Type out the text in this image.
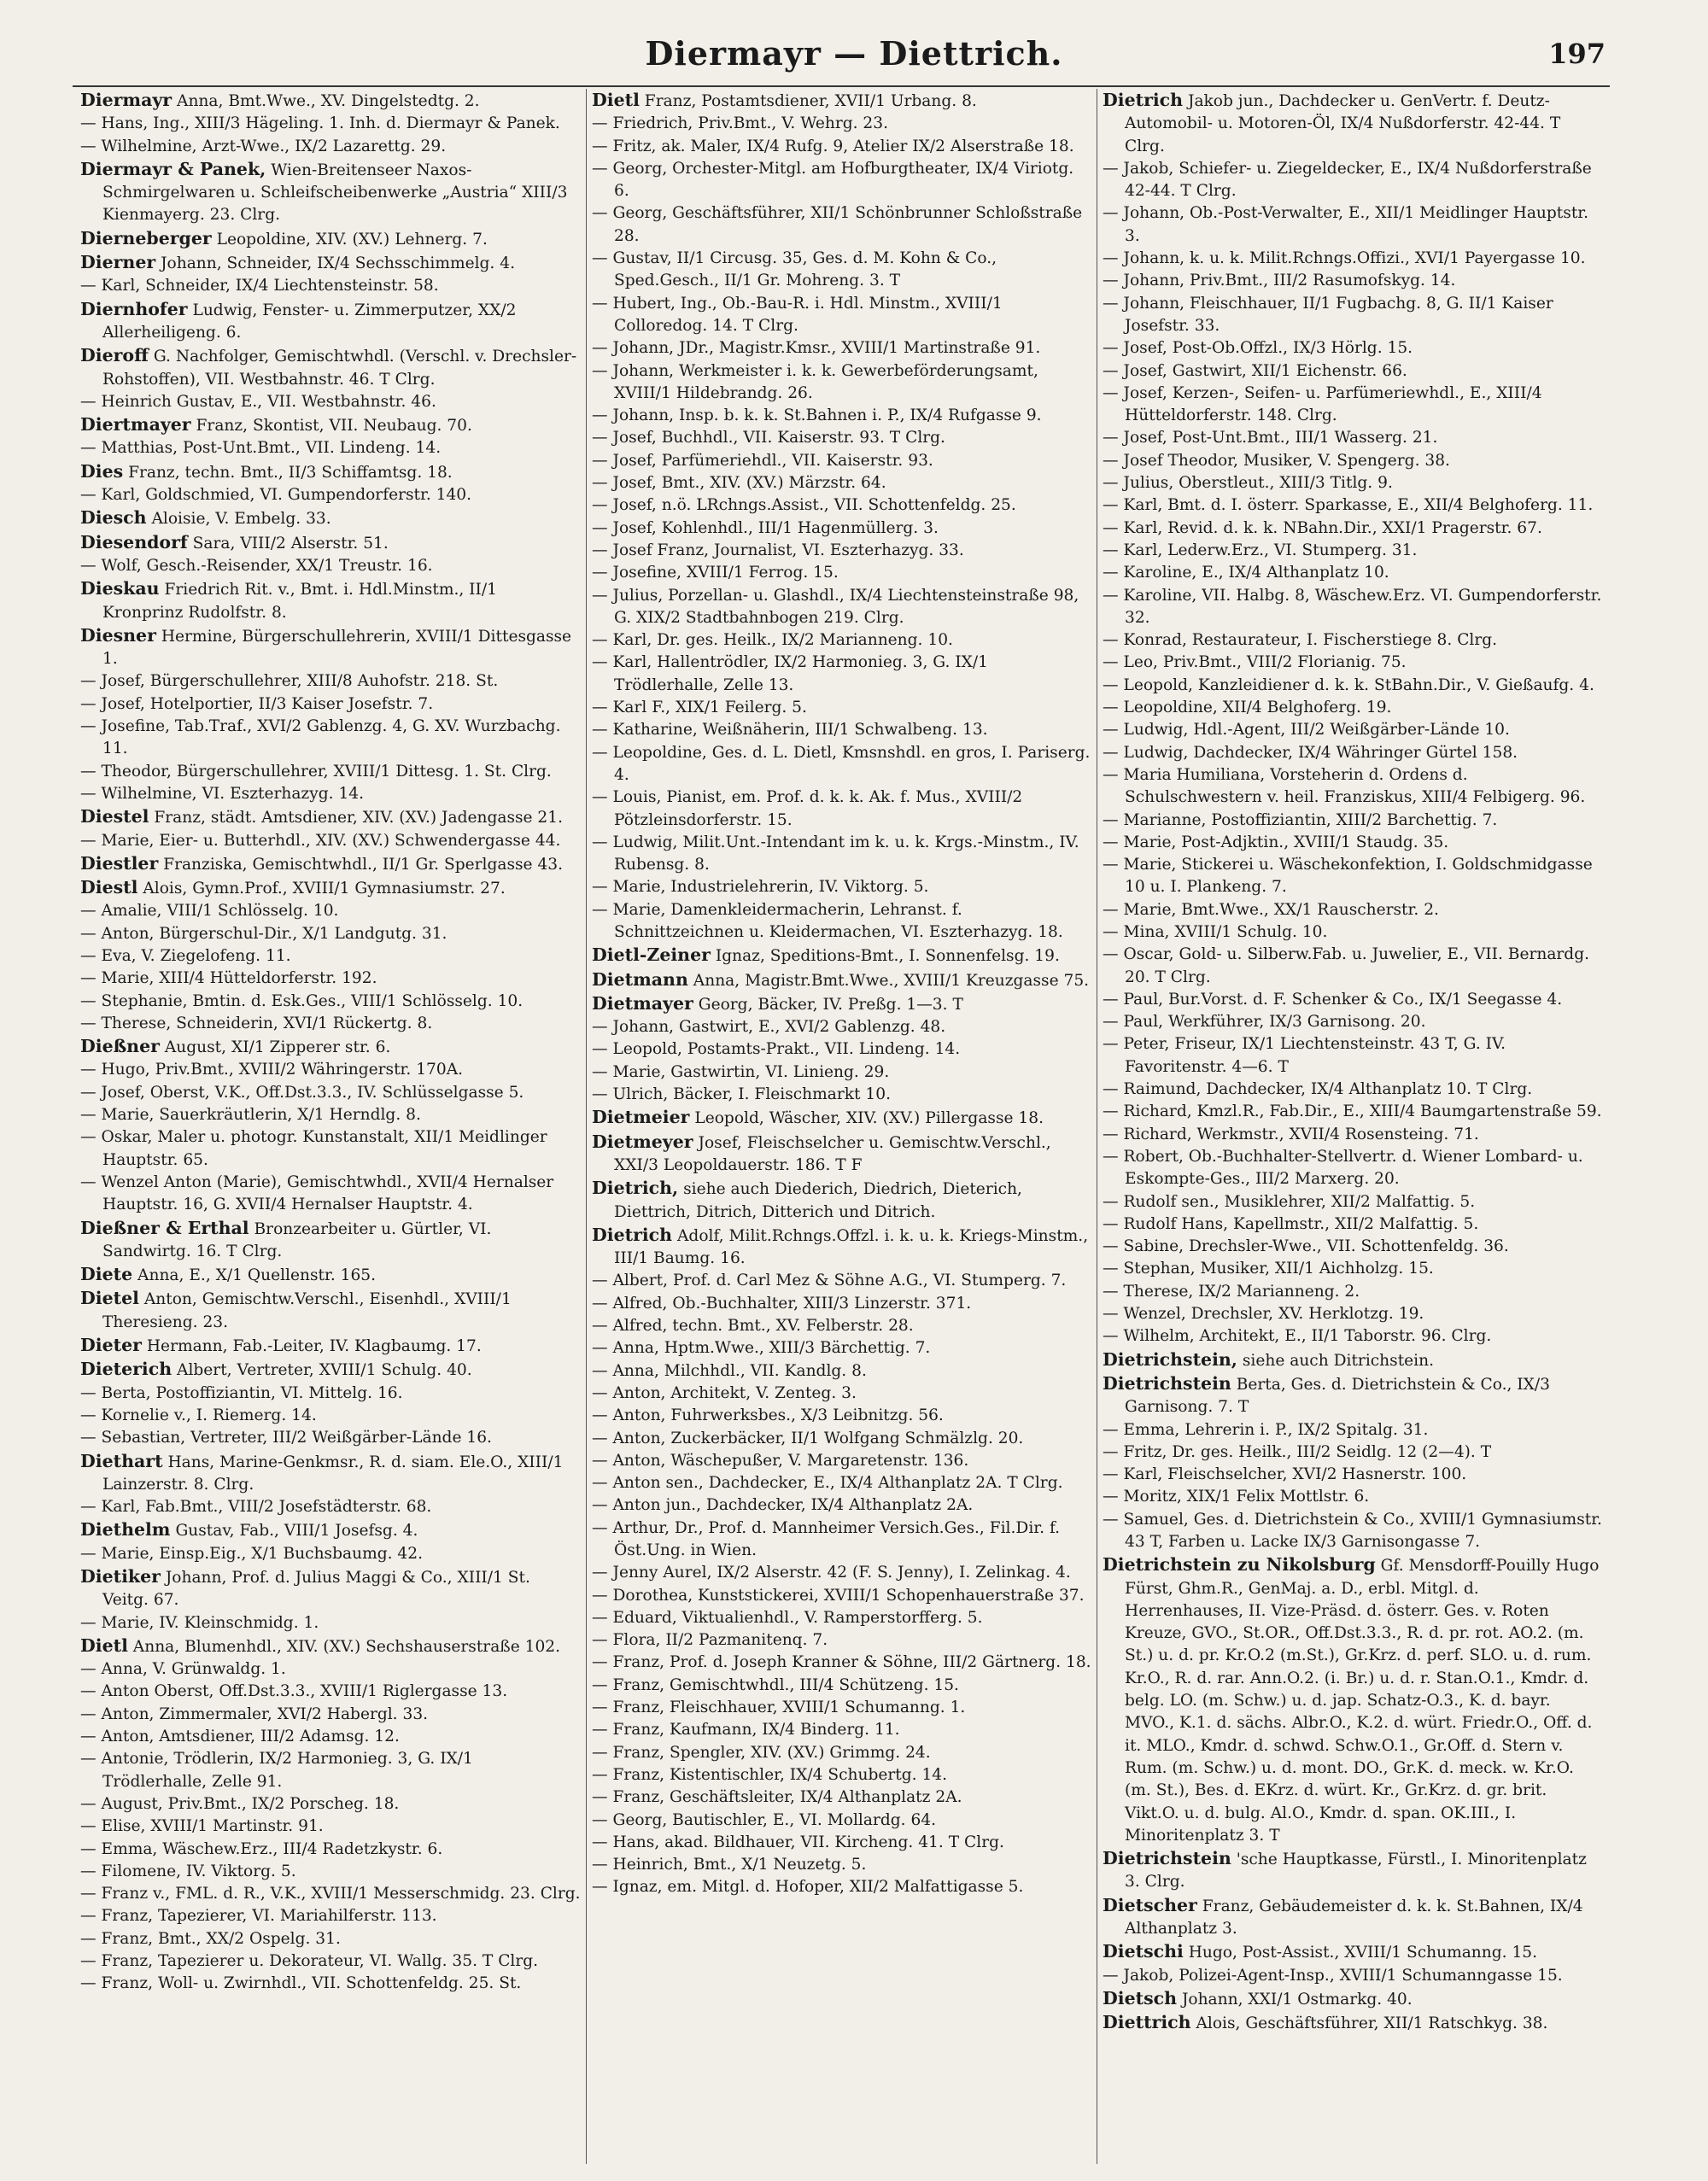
Diermayr — Diettrich.	197
Diermayr Anna, Bmt.Wwe., XV. Dingelstedtg. 2.
— Hans, Ing., XIII/3 Hägeling. 1. Inh. d. Diermayr & Panek.
— Wilhelmine, Arzt-Wwe., IX/2 Lazarettg. 29.
Diermayr & Panek, Wien-Breitenseer Naxos-Schmirgelwaren u. Schleifscheibenwerke „Austria“ XIII/3 Kienmayerg. 23. Clrg.
Dierneberger Leopoldine, XIV. (XV.) Lehnerg. 7.
Dierner Johann, Schneider, IX/4 Sechsschimmelg. 4.
— Karl, Schneider, IX/4 Liechtensteinstr. 58.
Diernhofer Ludwig, Fenster- u. Zimmerputzer, XX/2 Allerheiligeng. 6.
Dieroff G. Nachfolger, Gemischtwhdl. (Verschl. v. Drechsler-Rohstoffen), VII. Westbahnstr. 46. T Clrg.
— Heinrich Gustav, E., VII. Westbahnstr. 46.
Diertmayer Franz, Skontist, VII. Neubaug. 70.
— Matthias, Post-Unt.Bmt., VII. Lindeng. 14.
Dies Franz, techn. Bmt., II/3 Schiffamtsg. 18.
— Karl, Goldschmied, VI. Gumpendorferstr. 140.
Diesch Aloisie, V. Embelg. 33.
Diesendorf Sara, VIII/2 Alserstr. 51.
— Wolf, Gesch.-Reisender, XX/1 Treustr. 16.
Dieskau Friedrich Rit. v., Bmt. i. Hdl.Minstm., II/1 Kronprinz Rudolfstr. 8.
Diesner Hermine, Bürgerschullehrerin, XVIII/1 Dittesgasse 1.
— Josef, Bürgerschullehrer, XIII/8 Auhofstr. 218. St.
— Josef, Hotelportier, II/3 Kaiser Josefstr. 7.
— Josefine, Tab.Traf., XVI/2 Gablenzg. 4, G. XV. Wurzbachg. 11.
— Theodor, Bürgerschullehrer, XVIII/1 Dittesg. 1. St. Clrg.
— Wilhelmine, VI. Eszterhazyg. 14.
Diestel Franz, städt. Amtsdiener, XIV. (XV.) Jadengasse 21.
— Marie, Eier- u. Butterhdl., XIV. (XV.) Schwendergasse 44.
Diestler Franziska, Gemischtwhdl., II/1 Gr. Sperlgasse 43.
Diestl Alois, Gymn.Prof., XVIII/1 Gymnasiumstr. 27.
— Amalie, VIII/1 Schlösselg. 10.
— Anton, Bürgerschul-Dir., X/1 Landgutg. 31.
— Eva, V. Ziegelofeng. 11.
— Marie, XIII/4 Hütteldorferstr. 192.
— Stephanie, Bmtin. d. Esk.Ges., VIII/1 Schlösselg. 10.
— Therese, Schneiderin, XVI/1 Rückertg. 8.
Dießner August, XI/1 Zipperer str. 6.
— Hugo, Priv.Bmt., XVIII/2 Währingerstr. 170A.
— Josef, Oberst, V.K., Off.Dst.3.3., IV. Schlüsselgasse 5.
— Marie, Sauerkräutlerin, X/1 Herndlg. 8.
— Oskar, Maler u. photogr. Kunstanstalt, XII/1 Meidlinger Hauptstr. 65.
— Wenzel Anton (Marie), Gemischtwhdl., XVII/4 Hernalser Hauptstr. 16, G. XVII/4 Hernalser Hauptstr. 4.
Dießner & Erthal Bronzearbeiter u. Gürtler, VI. Sandwirtg. 16. T Clrg.
Diete Anna, E., X/1 Quellenstr. 165.
Dietel Anton, Gemischtw.Verschl., Eisenhdl., XVIII/1 Theresieng. 23.
Dieter Hermann, Fab.-Leiter, IV. Klagbaumg. 17.
Dieterich Albert, Vertreter, XVIII/1 Schulg. 40.
— Berta, Postoffiziantin, VI. Mittelg. 16.
— Kornelie v., I. Riemerg. 14.
— Sebastian, Vertreter, III/2 Weißgärber-Lände 16.
Diethart Hans, Marine-Genkmsr., R. d. siam. Ele.O., XIII/1 Lainzerstr. 8. Clrg.
— Karl, Fab.Bmt., VIII/2 Josefstädterstr. 68.
Diethelm Gustav, Fab., VIII/1 Josefsg. 4.
— Marie, Einsp.Eig., X/1 Buchsbaumg. 42.
Dietiker Johann, Prof. d. Julius Maggi & Co., XIII/1 St. Veitg. 67.
— Marie, IV. Kleinschmidg. 1.
Dietl Anna, Blumenhdl., XIV. (XV.) Sechshauserstraße 102.
— Anna, V. Grünwaldg. 1.
— Anton Oberst, Off.Dst.3.3., XVIII/1 Riglergasse 13.
— Anton, Zimmermaler, XVI/2 Habergl. 33.
— Anton, Amtsdiener, III/2 Adamsg. 12.
— Antonie, Trödlerin, IX/2 Harmonieg. 3, G. IX/1 Trödlerhalle, Zelle 91.
— August, Priv.Bmt., IX/2 Porscheg. 18.
— Elise, XVIII/1 Martinstr. 91.
— Emma, Wäschew.Erz., III/4 Radetzkystr. 6.
— Filomene, IV. Viktorg. 5.
— Franz v., FML. d. R., V.K., XVIII/1 Messerschmidg. 23. Clrg.
— Franz, Tapezierer, VI. Mariahilferstr. 113.
— Franz, Bmt., XX/2 Ospelg. 31.
— Franz, Tapezierer u. Dekorateur, VI. Wallg. 35. T Clrg.
— Franz, Woll- u. Zwirnhdl., VII. Schottenfeldg. 25. St.
Dietl Franz, Postamtsdiener, XVII/1 Urbang. 8.
— Friedrich, Priv.Bmt., V. Wehrg. 23.
— Fritz, ak. Maler, IX/4 Rufg. 9, Atelier IX/2 Alserstraße 18.
— Georg, Orchester-Mitgl. am Hofburgtheater, IX/4 Viriotg. 6.
— Georg, Geschäftsführer, XII/1 Schönbrunner Schloßstraße 28.
— Gustav, II/1 Circusg. 35, Ges. d. M. Kohn & Co., Sped.Gesch., II/1 Gr. Mohreng. 3. T
— Hubert, Ing., Ob.-Bau-R. i. Hdl. Minstm., XVIII/1 Colloredog. 14. T Clrg.
— Johann, JDr., Magistr.Kmsr., XVIII/1 Martinstraße 91.
— Johann, Werkmeister i. k. k. Gewerbeförderungsamt, XVIII/1 Hildebrandg. 26.
— Johann, Insp. b. k. k. St.Bahnen i. P., IX/4 Rufgasse 9.
— Josef, Buchhdl., VII. Kaiserstr. 93. T Clrg.
— Josef, Parfümeriehdl., VII. Kaiserstr. 93.
— Josef, Bmt., XIV. (XV.) Märzstr. 64.
— Josef, n.ö. LRchngs.Assist., VII. Schottenfeldg. 25.
— Josef, Kohlenhdl., III/1 Hagenmüllerg. 3.
— Josef Franz, Journalist, VI. Eszterhazyg. 33.
— Josefine, XVIII/1 Ferrog. 15.
— Julius, Porzellan- u. Glashdl., IX/4 Liechtensteinstraße 98, G. XIX/2 Stadtbahnbogen 219. Clrg.
— Karl, Dr. ges. Heilk., IX/2 Marianneng. 10.
— Karl, Hallentrödler, IX/2 Harmonieg. 3, G. IX/1 Trödlerhalle, Zelle 13.
— Karl F., XIX/1 Feilerg. 5.
— Katharine, Weißnäherin, III/1 Schwalbeng. 13.
— Leopoldine, Ges. d. L. Dietl, Kmsnshdl. en gros, I. Pariserg. 4.
— Louis, Pianist, em. Prof. d. k. k. Ak. f. Mus., XVIII/2 Pötzleinsdorferstr. 15.
— Ludwig, Milit.Unt.-Intendant im k. u. k. Krgs.-Minstm., IV. Rubensg. 8.
— Marie, Industrielehrerin, IV. Viktorg. 5.
— Marie, Damenkleidermacherin, Lehranst. f. Schnittzeichnen u. Kleidermachen, VI. Eszterhazyg. 18.
Dietl-Zeiner Ignaz, Speditions-Bmt., I. Sonnenfelsg. 19.
Dietmann Anna, Magistr.Bmt.Wwe., XVIII/1 Kreuzgasse 75.
Dietmayer Georg, Bäcker, IV. Preßg. 1—3. T
— Johann, Gastwirt, E., XVI/2 Gablenzg. 48.
— Leopold, Postamts-Prakt., VII. Lindeng. 14.
— Marie, Gastwirtin, VI. Linieng. 29.
— Ulrich, Bäcker, I. Fleischmarkt 10.
Dietmeier Leopold, Wäscher, XIV. (XV.) Pillergasse 18.
Dietmeyer Josef, Fleischselcher u. Gemischtw.Verschl., XXI/3 Leopoldauerstr. 186. T F
Dietrich, siehe auch Diederich, Diedrich, Dieterich, Diettrich, Ditrich, Ditterich und Ditrich.
Dietrich Adolf, Milit.Rchngs.Offzl. i. k. u. k. Kriegs-Minstm., III/1 Baumg. 16.
— Albert, Prof. d. Carl Mez & Söhne A.G., VI. Stumperg. 7.
— Alfred, Ob.-Buchhalter, XIII/3 Linzerstr. 371.
— Alfred, techn. Bmt., XV. Felberstr. 28.
— Anna, Hptm.Wwe., XIII/3 Bärchettig. 7.
— Anna, Milchhdl., VII. Kandlg. 8.
— Anton, Architekt, V. Zenteg. 3.
— Anton, Fuhrwerksbes., X/3 Leibnitzg. 56.
— Anton, Zuckerbäcker, II/1 Wolfgang Schmälzlg. 20.
— Anton, Wäschepußer, V. Margaretenstr. 136.
— Anton sen., Dachdecker, E., IX/4 Althanplatz 2A. T Clrg.
— Anton jun., Dachdecker, IX/4 Althanplatz 2A.
— Arthur, Dr., Prof. d. Mannheimer Versich.Ges., Fil.Dir. f. Öst.Ung. in Wien.
— Jenny Aurel, IX/2 Alserstr. 42 (F. S. Jenny), I. Zelinkag. 4.
— Dorothea, Kunststickerei, XVIII/1 Schopenhauerstraße 37.
— Eduard, Viktualienhdl., V. Ramperstorfferg. 5.
— Flora, II/2 Pazmanitenq. 7.
— Franz, Prof. d. Joseph Kranner & Söhne, III/2 Gärtnerg. 18.
— Franz, Gemischtwhdl., III/4 Schützeng. 15.
— Franz, Fleischhauer, XVIII/1 Schumanng. 1.
— Franz, Kaufmann, IX/4 Binderg. 11.
— Franz, Spengler, XIV. (XV.) Grimmg. 24.
— Franz, Kistentischler, IX/4 Schubertg. 14.
— Franz, Geschäftsleiter, IX/4 Althanplatz 2A.
— Georg, Bautischler, E., VI. Mollardg. 64.
— Hans, akad. Bildhauer, VII. Kircheng. 41. T Clrg.
— Heinrich, Bmt., X/1 Neuzetg. 5.
— Ignaz, em. Mitgl. d. Hofoper, XII/2 Malfattigasse 5.
Dietrich Jakob jun., Dachdecker u. GenVertr. f. Deutz-Automobil- u. Motoren-Öl, IX/4 Nußdorferstr. 42-44. T Clrg.
— Jakob, Schiefer- u. Ziegeldecker, E., IX/4 Nußdorferstraße 42-44. T Clrg.
— Johann, Ob.-Post-Verwalter, E., XII/1 Meidlinger Hauptstr. 3.
— Johann, k. u. k. Milit.Rchngs.Offizi., XVI/1 Payergasse 10.
— Johann, Priv.Bmt., III/2 Rasumofskyg. 14.
— Johann, Fleischhauer, II/1 Fugbachg. 8, G. II/1 Kaiser Josefstr. 33.
— Josef, Post-Ob.Offzl., IX/3 Hörlg. 15.
— Josef, Gastwirt, XII/1 Eichenstr. 66.
— Josef, Kerzen-, Seifen- u. Parfümeriewhdl., E., XIII/4 Hütteldorferstr. 148. Clrg.
— Josef, Post-Unt.Bmt., III/1 Wasserg. 21.
— Josef Theodor, Musiker, V. Spengerg. 38.
— Julius, Oberstleut., XIII/3 Titlg. 9.
— Karl, Bmt. d. I. österr. Sparkasse, E., XII/4 Belghoferg. 11.
— Karl, Revid. d. k. k. NBahn.Dir., XXI/1 Pragerstr. 67.
— Karl, Lederw.Erz., VI. Stumperg. 31.
— Karoline, E., IX/4 Althanplatz 10.
— Karoline, VII. Halbg. 8, Wäschew.Erz. VI. Gumpendorferstr. 32.
— Konrad, Restaurateur, I. Fischerstiege 8. Clrg.
— Leo, Priv.Bmt., VIII/2 Florianig. 75.
— Leopold, Kanzleidiener d. k. k. StBahn.Dir., V. Gießaufg. 4.
— Leopoldine, XII/4 Belghoferg. 19.
— Ludwig, Hdl.-Agent, III/2 Weißgärber-Lände 10.
— Ludwig, Dachdecker, IX/4 Währinger Gürtel 158.
— Maria Humiliana, Vorsteherin d. Ordens d. Schulschwestern v. heil. Franziskus, XIII/4 Felbigerg. 96.
— Marianne, Postoffiziantin, XIII/2 Barchettig. 7.
— Marie, Post-Adjktin., XVIII/1 Staudg. 35.
— Marie, Stickerei u. Wäschekonfektion, I. Goldschmidgasse 10 u. I. Plankeng. 7.
— Marie, Bmt.Wwe., XX/1 Rauscherstr. 2.
— Mina, XVIII/1 Schulg. 10.
— Oscar, Gold- u. Silberw.Fab. u. Juwelier, E., VII. Bernardg. 20. T Clrg.
— Paul, Bur.Vorst. d. F. Schenker & Co., IX/1 Seegasse 4.
— Paul, Werkführer, IX/3 Garnisong. 20.
— Peter, Friseur, IX/1 Liechtensteinstr. 43 T, G. IV. Favoritenstr. 4—6. T
— Raimund, Dachdecker, IX/4 Althanplatz 10. T Clrg.
— Richard, Kmzl.R., Fab.Dir., E., XIII/4 Baumgartenstraße 59.
— Richard, Werkmstr., XVII/4 Rosensteing. 71.
— Robert, Ob.-Buchhalter-Stellvertr. d. Wiener Lombard- u. Eskompte-Ges., III/2 Marxerg. 20.
— Rudolf sen., Musiklehrer, XII/2 Malfattig. 5.
— Rudolf Hans, Kapellmstr., XII/2 Malfattig. 5.
— Sabine, Drechsler-Wwe., VII. Schottenfeldg. 36.
— Stephan, Musiker, XII/1 Aichholzg. 15.
— Therese, IX/2 Marianneng. 2.
— Wenzel, Drechsler, XV. Herklotzg. 19.
— Wilhelm, Architekt, E., II/1 Taborstr. 96. Clrg.
Dietrichstein, siehe auch Ditrichstein.
Dietrichstein Berta, Ges. d. Dietrichstein & Co., IX/3 Garnisong. 7. T
— Emma, Lehrerin i. P., IX/2 Spitalg. 31.
— Fritz, Dr. ges. Heilk., III/2 Seidlg. 12 (2—4). T
— Karl, Fleischselcher, XVI/2 Hasnerstr. 100.
— Moritz, XIX/1 Felix Mottlstr. 6.
— Samuel, Ges. d. Dietrichstein & Co., XVIII/1 Gymnasiumstr. 43 T, Farben u. Lacke IX/3 Garnisongasse 7.
Dietrichstein zu Nikolsburg Gf. Mensdorff-Pouilly Hugo Fürst, Ghm.R., GenMaj. a. D., erbl. Mitgl. d. Herrenhauses, II. Vize-Präsd. d. österr. Ges. v. Roten Kreuze, GVO., St.OR., Off.Dst.3.3., R. d. pr. rot. AO.2. (m. St.) u. d. pr. Kr.O.2 (m.St.), Gr.Krz. d. perf. SLO. u. d. rum. Kr.O., R. d. rar. Ann.O.2. (i. Br.) u. d. r. Stan.O.1., Kmdr. d. belg. LO. (m. Schw.) u. d. jap. Schatz-O.3., K. d. bayr. MVO., K.1. d. sächs. Albr.O., K.2. d. würt. Friedr.O., Off. d. it. MLO., Kmdr. d. schwd. Schw.O.1., Gr.Off. d. Stern v. Rum. (m. Schw.) u. d. mont. DO., Gr.K. d. meck. w. Kr.O. (m. St.), Bes. d. EKrz. d. würt. Kr., Gr.Krz. d. gr. brit. Vikt.O. u. d. bulg. Al.O., Kmdr. d. span. OK.III., I. Minoritenplatz 3. T
Dietrichstein 'sche Hauptkasse, Fürstl., I. Minoritenplatz 3. Clrg.
Dietscher Franz, Gebäudemeister d. k. k. St.Bahnen, IX/4 Althanplatz 3.
Dietschi Hugo, Post-Assist., XVIII/1 Schumanng. 15.
— Jakob, Polizei-Agent-Insp., XVIII/1 Schumanngasse 15.
Dietsch Johann, XXI/1 Ostmarkg. 40.
Diettrich Alois, Geschäftsführer, XII/1 Ratschkyg. 38.
